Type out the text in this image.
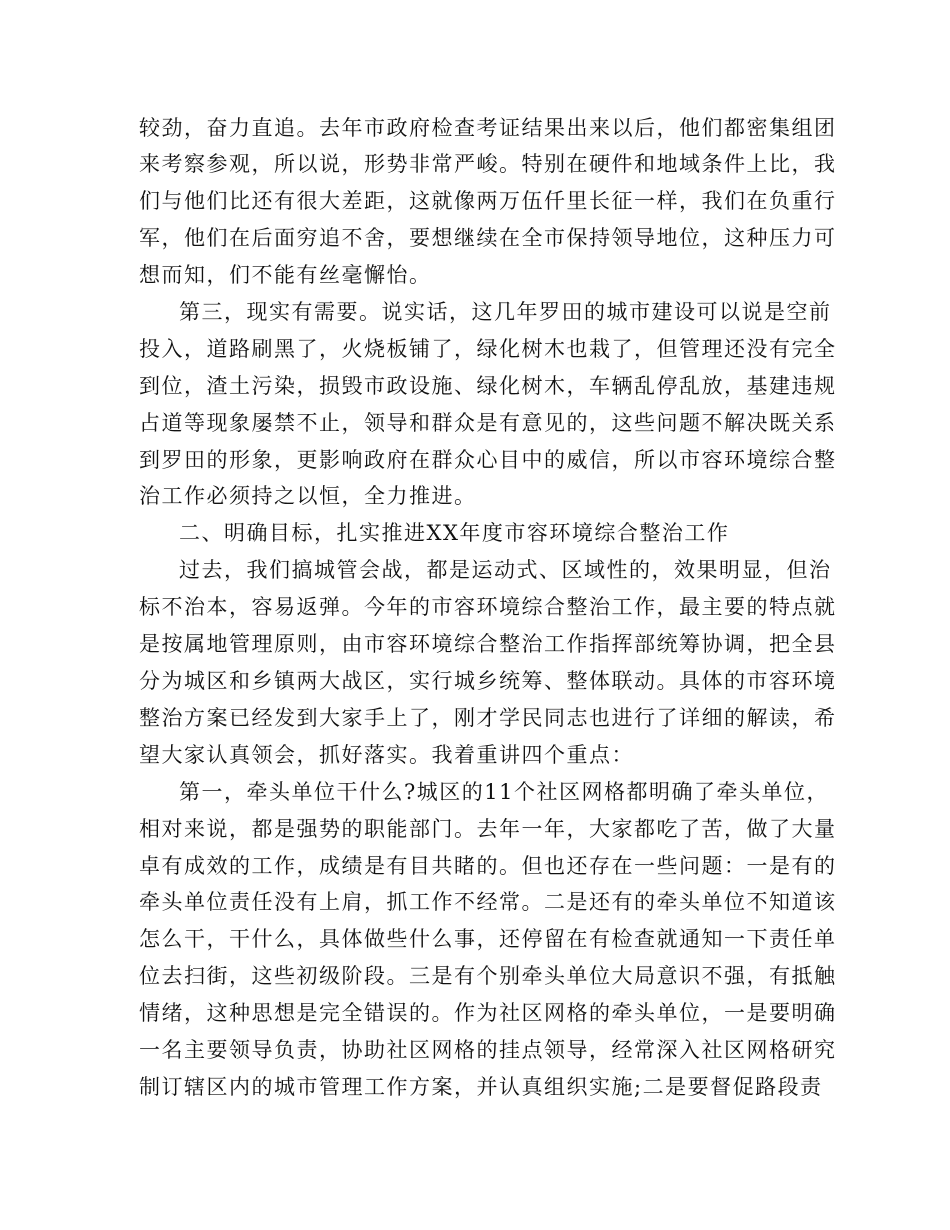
较劲，奋力直追。去年市政府检查考证结果出来以后，他们都密集组团

来考察参观，所以说，形势非常严峻。特别在硬件和地域条件上比，我

们与他们比还有很大差距，这就像两万伍仟里长征一样，我们在负重行

军，他们在后面穷追不舍，要想继续在全市保持领导地位，这种压力可

想而知，们不能有丝毫懈怡。

第三，现实有需要。说实话，这几年罗田的城市建设可以说是空前

投入，道路刷黑了，火烧板铺了，绿化树木也栽了，但管理还没有完全

到位，渣土污染，损毁市政设施、绿化树木，车辆乱停乱放，基建违规

占道等现象屡禁不止，领导和群众是有意见的，这些问题不解决既关系

到罗田的形象，更影响政府在群众心目中的威信，所以市容环境综合整

治工作必须持之以恒，全力推进。

二、明确目标，扎实推进XX年度市容环境综合整治工作

过去，我们搞城管会战，都是运动式、区域性的，效果明显，但治

标不治本，容易返弹。今年的市容环境综合整治工作，最主要的特点就

是按属地管理原则，由市容环境综合整治工作指挥部统筹协调，把全县

分为城区和乡镇两大战区，实行城乡统筹、整体联动。具体的市容环境

整治方案已经发到大家手上了，刚才学民同志也进行了详细的解读，希

望大家认真领会，抓好落实。我着重讲四个重点：

第一，牵头单位干什么?城区的11个社区网格都明确了牵头单位，

相对来说，都是强势的职能部门。去年一年，大家都吃了苦，做了大量

卓有成效的工作，成绩是有目共睹的。但也还存在一些问题：一是有的

牵头单位责任没有上肩，抓工作不经常。二是还有的牵头单位不知道该

怎么干，干什么，具体做些什么事，还停留在有检查就通知一下责任单

位去扫街，这些初级阶段。三是有个别牵头单位大局意识不强，有抵触

情绪，这种思想是完全错误的。作为社区网格的牵头单位，一是要明确

一名主要领导负责，协助社区网格的挂点领导，经常深入社区网格研究

制订辖区内的城市管理工作方案，并认真组织实施;二是要督促路段责
